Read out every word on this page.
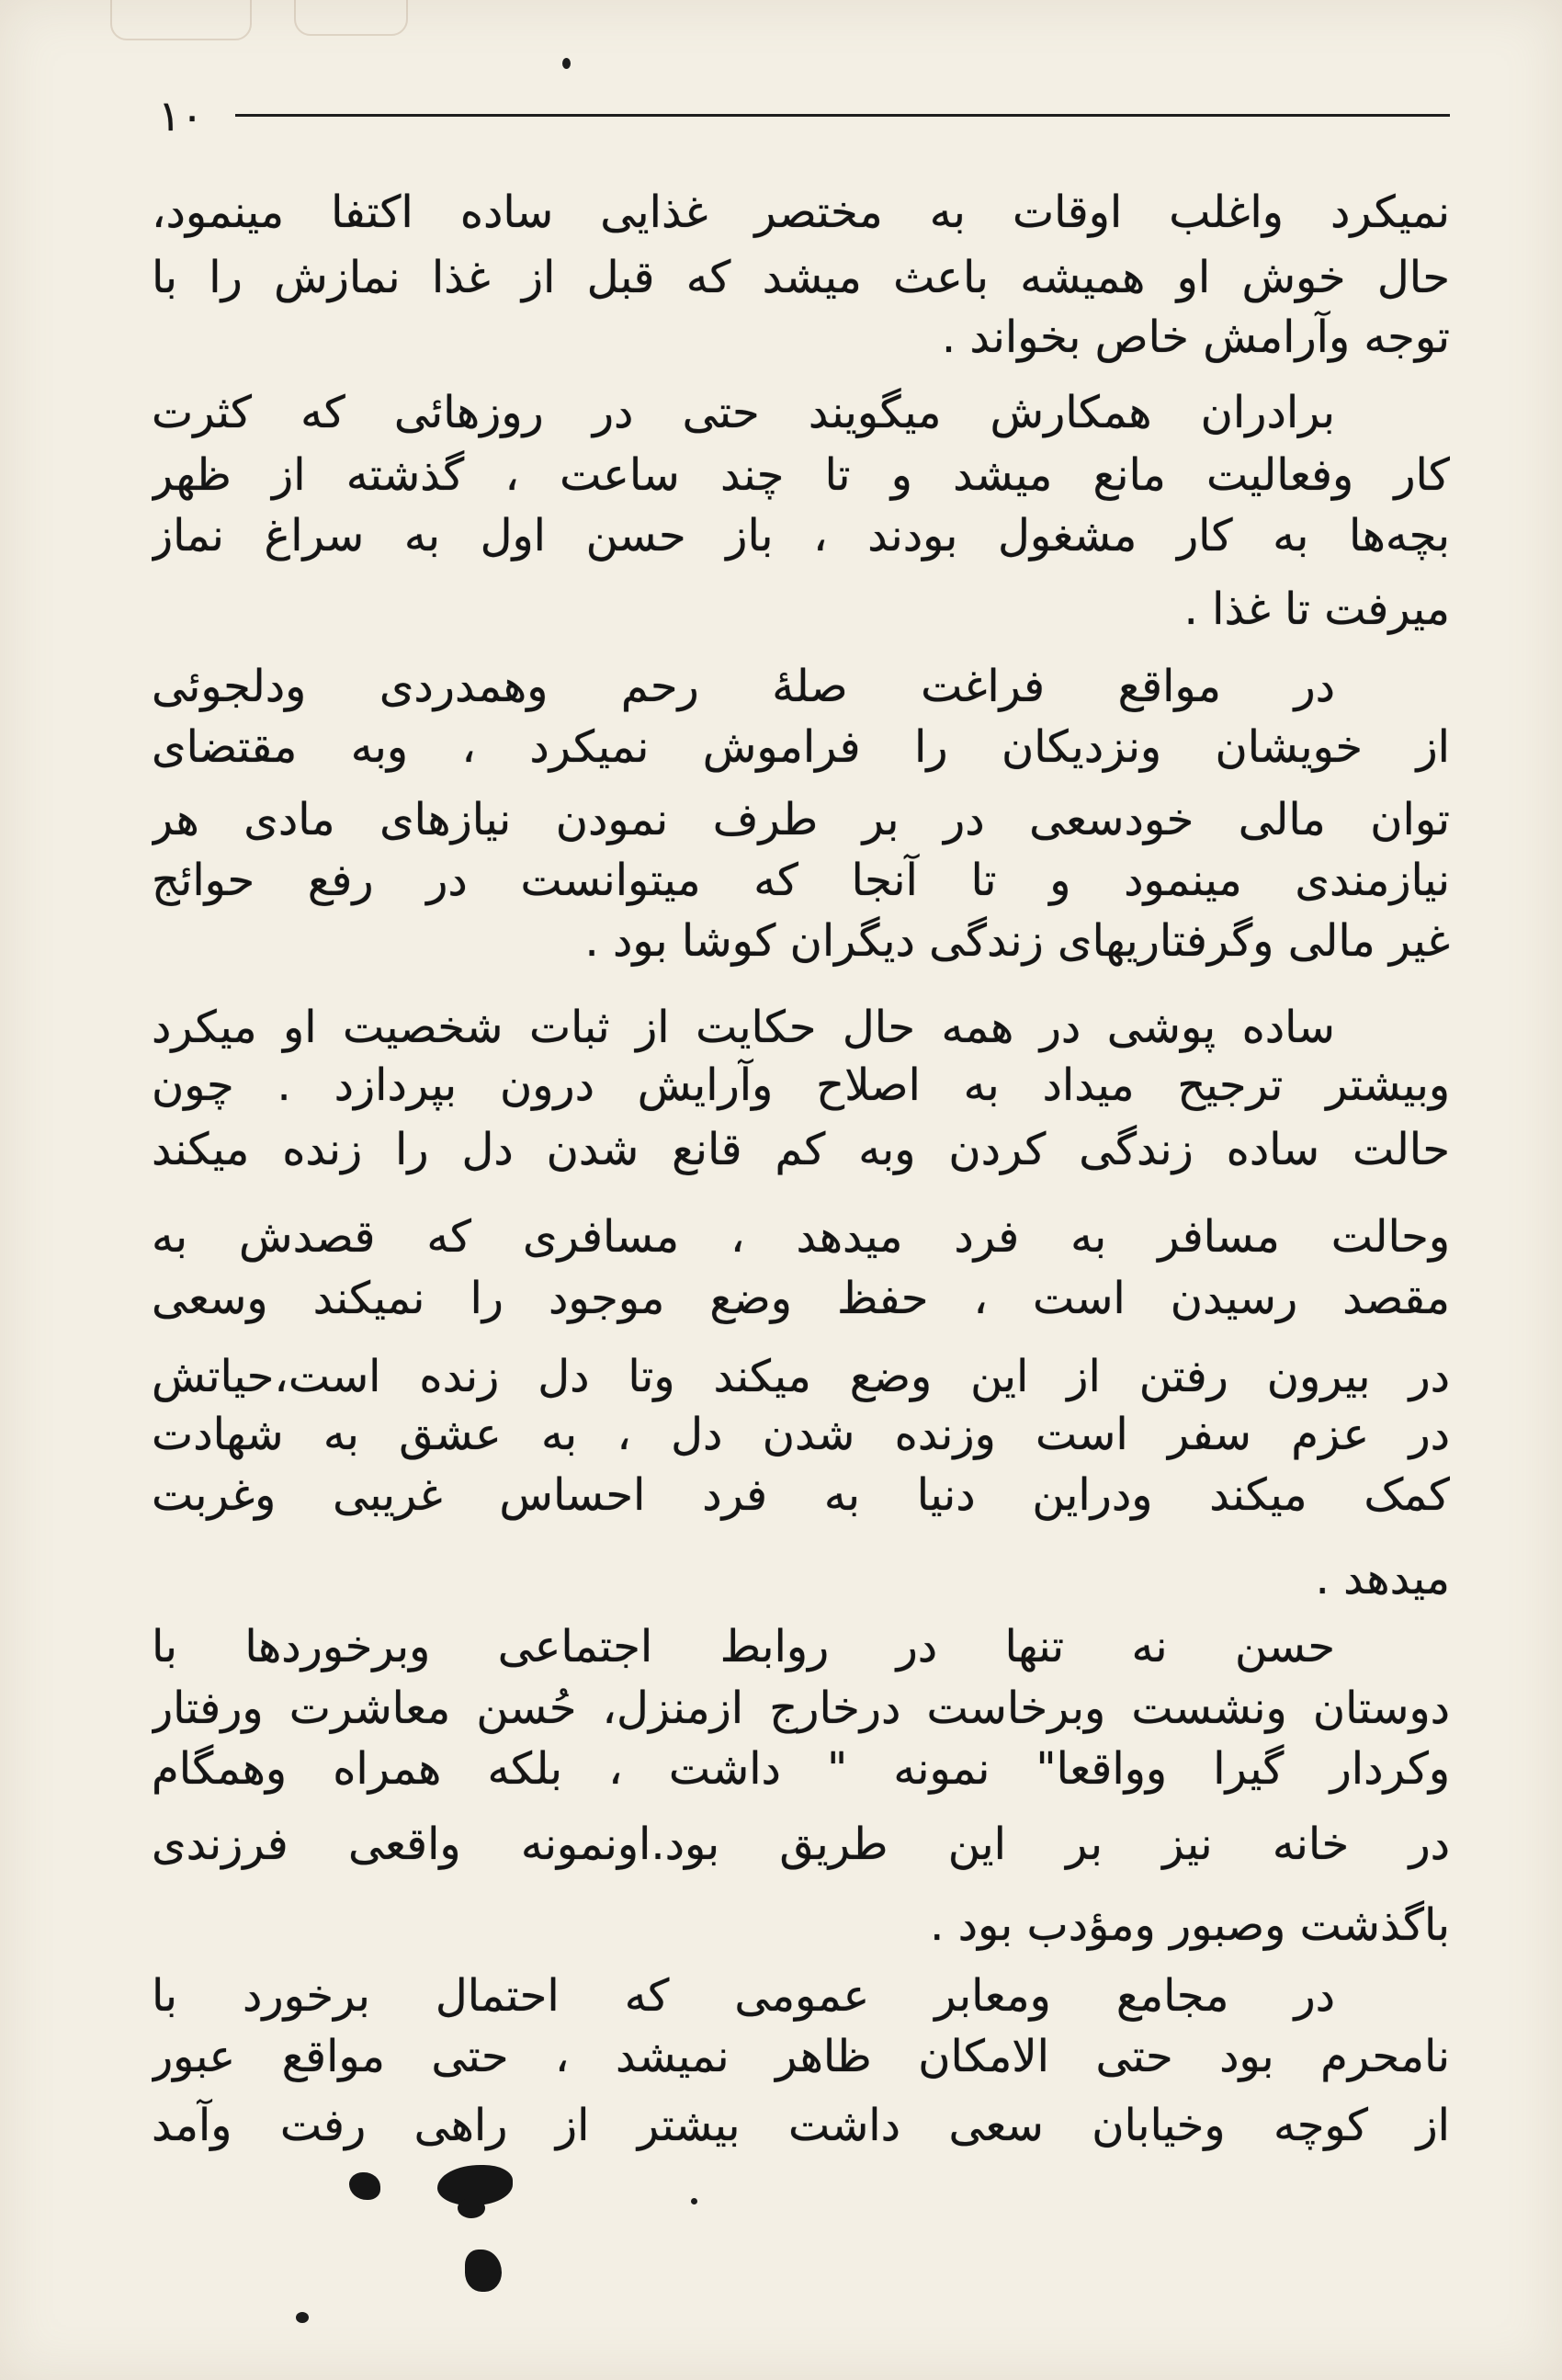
۱۰
نمیکرد واغلب اوقات به مختصر غذایی ساده اکتفا مینمود،
حال خوش او همیشه باعث میشد که قبل از غذا نمازش را با
توجه وآرامش خاص بخواند .
برادران همکارش میگویند حتی در روزهائی که کثرت
کار وفعالیت مانع میشد و تا چند ساعت ، گذشته از ظهر
بچه‌ها به کار مشغول بودند ، باز حسن اول به سراغ نماز
میرفت تا غذا .
در مواقع فراغت صلهٔ رحم وهمدردی ودلجوئی
از خویشان ونزدیکان را فراموش نمیکرد ، وبه مقتضای
توان مالی خودسعی در بر طرف نمودن نیازهای مادی هر
نیازمندی مینمود و تا آنجا که میتوانست در رفع حوائج
غیر مالی وگرفتاریهای زندگی دیگران کوشا بود .
ساده پوشی در همه حال حکایت از ثبات شخصیت او میکرد
وبیشتر ترجیح میداد به اصلاح وآرایش درون بپردازد . چون
حالت ساده زندگی کردن وبه کم قانع شدن دل را زنده میکند
وحالت مسافر به فرد میدهد ، مسافری که قصدش به
مقصد رسیدن است ، حفظ وضع موجود را نمیکند وسعی
در بیرون رفتن از این وضع میکند وتا دل زنده است،حیاتش
در عزم سفر است وزنده شدن دل ، به عشق به شهادت
کمک میکند ودراین دنیا به فرد احساس غریبی وغربت
میدهد .
حسن نه تنها در روابط اجتماعی وبرخوردها با
دوستان ونشست وبرخاست درخارج ازمنزل، حُسن معاشرت ورفتار
وکردار گیرا وواقعا" نمونه " داشت ، بلکه همراه وهمگام
در خانه نیز بر این طریق بود.اونمونه واقعی فرزندی
باگذشت وصبور ومؤدب بود .
در مجامع ومعابر عمومی که احتمال برخورد با
نامحرم بود حتی الامکان ظاهر نمیشد ، حتی مواقع عبور
از کوچه وخیابان سعی داشت بیشتر از راهی رفت وآمد
